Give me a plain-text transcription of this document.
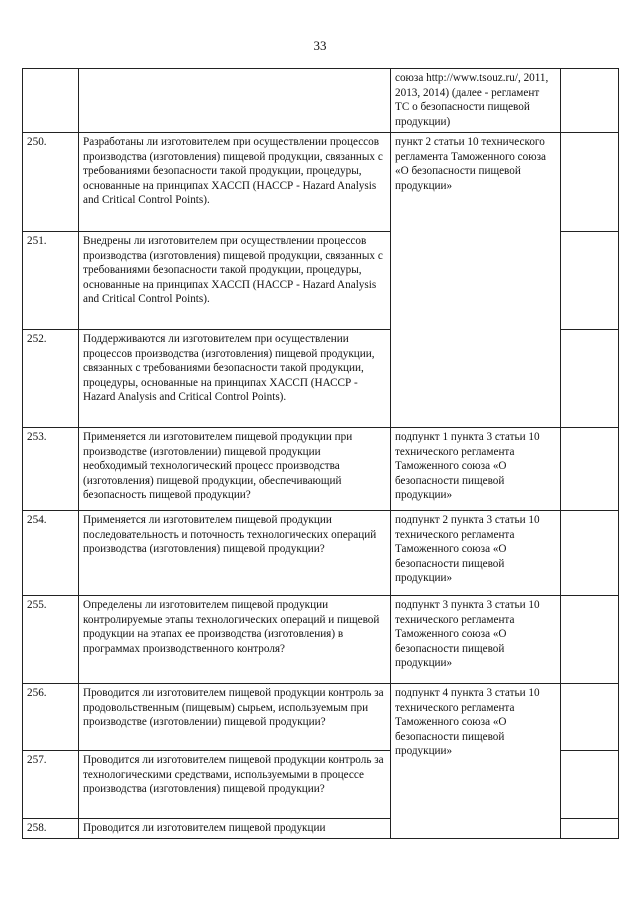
33
		союза http://www.tsouz.ru/, 2011, 2013, 2014) (далее - регламент ТС о безопасности пищевой продукции)	
250.	Разработаны ли изготовителем при осуществлении процессов производства (изготовления) пищевой продукции, связанных с требованиями безопасности такой продукции, процедуры, основанные на принципах ХАССП (НАССР - Hazard Analysis and Critical Control Points).	пункт 2 статьи 10 технического регламента Таможенного союза «О безопасности пищевой продукции»	

251.	Внедрены ли изготовителем при осуществлении процессов производства (изготовления) пищевой продукции, связанных с требованиями безопасности такой продукции, процедуры, основанные на принципах ХАССП (НАССР - Hazard Analysis and Critical Control Points).		
252.	Поддерживаются ли изготовителем при осуществлении процессов производства (изготовления) пищевой продукции, связанных с требованиями безопасности такой продукции, процедуры, основанные на принципах ХАССП (НАССР - Hazard Analysis and Critical Control Points).		
253.	Применяется ли изготовителем пищевой продукции при производстве (изготовлении) пищевой продукции необходимый технологический процесс производства (изготовления) пищевой продукции, обеспечивающий безопасность пищевой продукции?	подпункт 1 пункта 3 статьи 10 технического регламента Таможенного союза «О безопасности пищевой продукции»	
254.	Применяется ли изготовителем пищевой продукции последовательность и поточность технологических операций производства (изготовления) пищевой продукции?	подпункт 2 пункта 3 статьи 10 технического регламента Таможенного союза «О безопасности пищевой продукции»	
255.	Определены ли изготовителем пищевой продукции контролируемые этапы технологических операций и пищевой продукции на этапах ее производства (изготовления) в программах производственного контроля?	подпункт 3 пункта 3 статьи 10 технического регламента Таможенного союза «О безопасности пищевой продукции»	
256.	Проводится ли изготовителем пищевой продукции контроль за продовольственным (пищевым) сырьем, используемым при производстве (изготовлении) пищевой продукции?	подпункт 4 пункта 3 статьи 10 технического регламента Таможенного союза «О безопасности пищевой продукции»	

257.	Проводится ли изготовителем пищевой продукции контроль за технологическими средствами, используемыми в процессе производства (изготовления) пищевой продукции?		
258.	Проводится ли изготовителем пищевой продукции		
